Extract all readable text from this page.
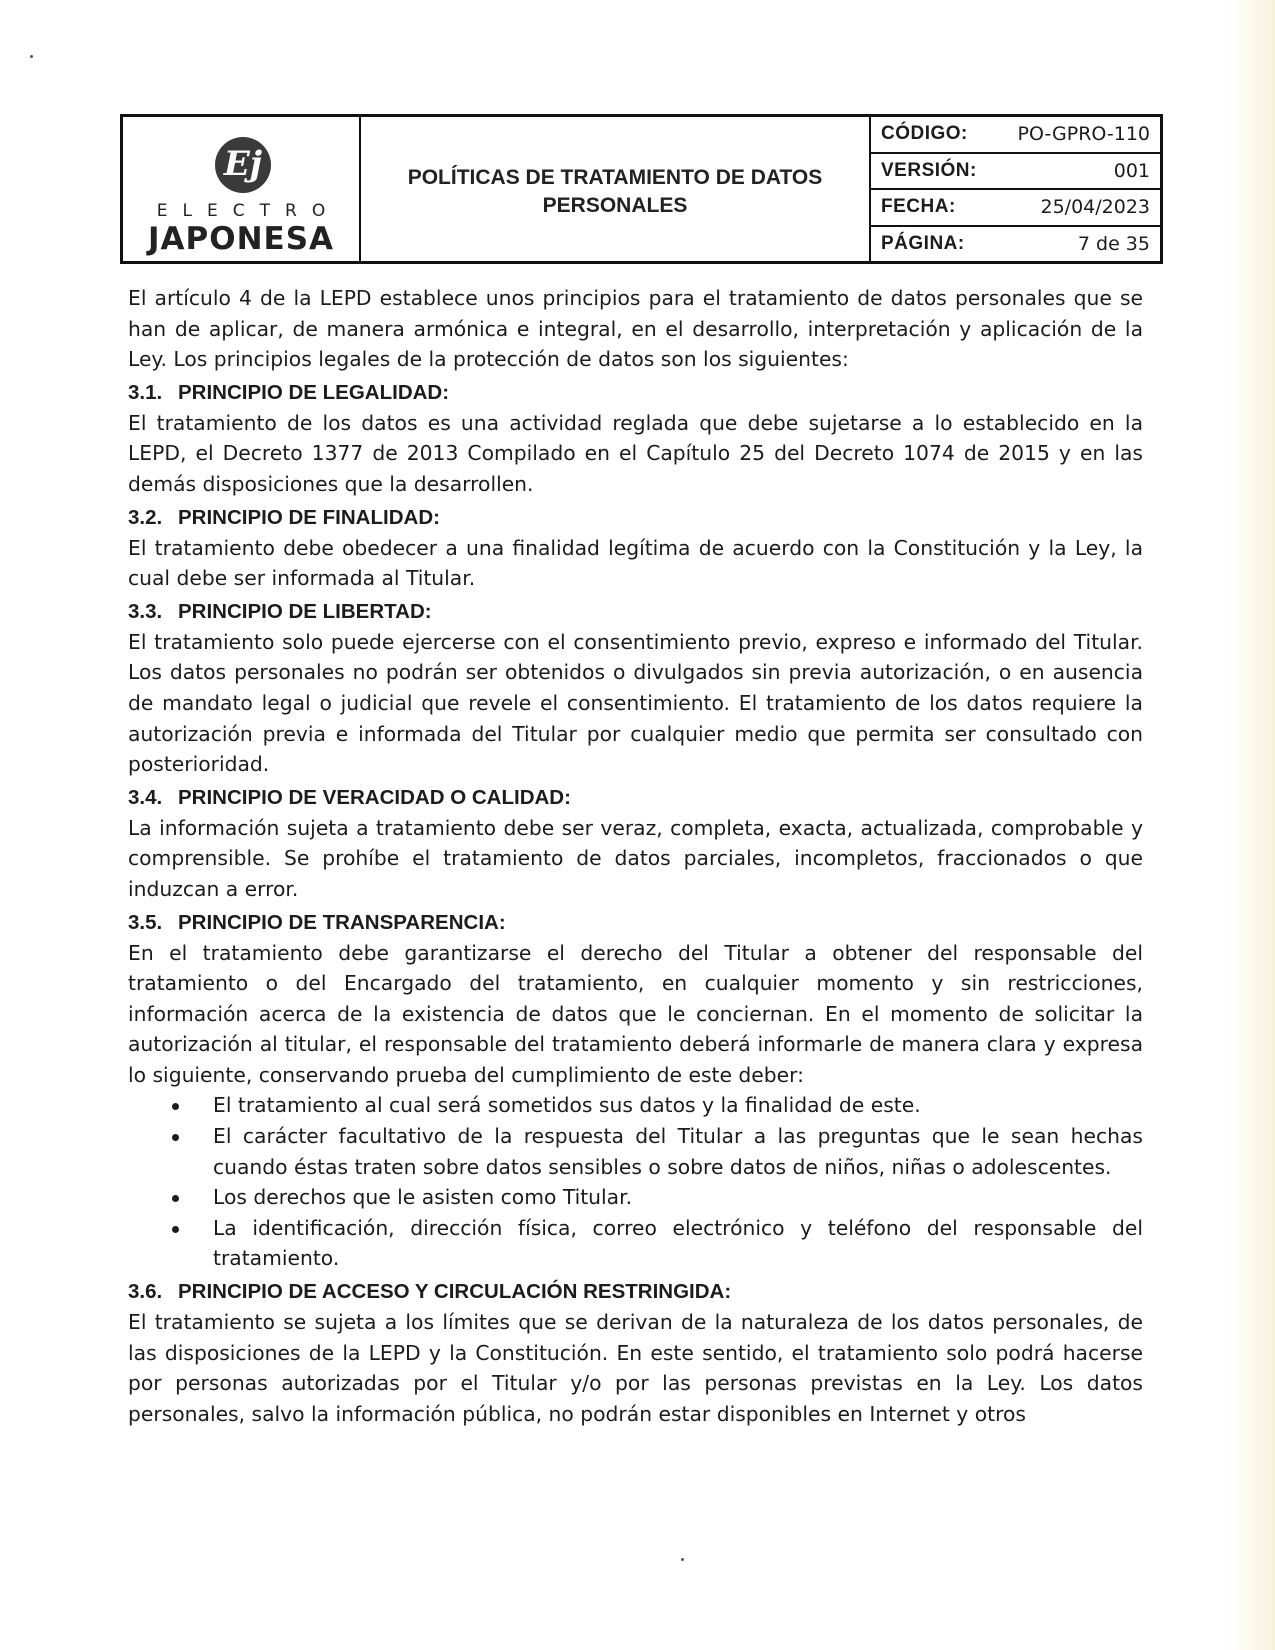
Ej
ELECTRO
JAPONESA
POLÍTICAS DE TRATAMIENTO DE DATOS PERSONALES
CÓDIGO:	PO-GPRO-110
VERSIÓN:	001
FECHA:	25/04/2023
PÁGINA:	7 de 35

El artículo 4 de la LEPD establece unos principios para el tratamiento de datos personales que se han de aplicar, de manera armónica e integral, en el desarrollo, interpretación y aplicación de la Ley. Los principios legales de la protección de datos son los siguientes:

3.1. PRINCIPIO DE LEGALIDAD:

El tratamiento de los datos es una actividad reglada que debe sujetarse a lo establecido en la LEPD, el Decreto 1377 de 2013 Compilado en el Capítulo 25 del Decreto 1074 de 2015 y en las demás disposiciones que la desarrollen.

3.2. PRINCIPIO DE FINALIDAD:

El tratamiento debe obedecer a una finalidad legítima de acuerdo con la Constitución y la Ley, la cual debe ser informada al Titular.

3.3. PRINCIPIO DE LIBERTAD:

El tratamiento solo puede ejercerse con el consentimiento previo, expreso e informado del Titular. Los datos personales no podrán ser obtenidos o divulgados sin previa autorización, o en ausencia de mandato legal o judicial que revele el consentimiento. El tratamiento de los datos requiere la autorización previa e informada del Titular por cualquier medio que permita ser consultado con posterioridad.

3.4. PRINCIPIO DE VERACIDAD O CALIDAD:

La información sujeta a tratamiento debe ser veraz, completa, exacta, actualizada, comprobable y comprensible. Se prohíbe el tratamiento de datos parciales, incompletos, fraccionados o que induzcan a error.

3.5. PRINCIPIO DE TRANSPARENCIA:

En el tratamiento debe garantizarse el derecho del Titular a obtener del responsable del tratamiento o del Encargado del tratamiento, en cualquier momento y sin restricciones, información acerca de la existencia de datos que le conciernan. En el momento de solicitar la autorización al titular, el responsable del tratamiento deberá informarle de manera clara y expresa lo siguiente, conservando prueba del cumplimiento de este deber:

El tratamiento al cual será sometidos sus datos y la finalidad de este.
El carácter facultativo de la respuesta del Titular a las preguntas que le sean hechas cuando éstas traten sobre datos sensibles o sobre datos de niños, niñas o adolescentes.
Los derechos que le asisten como Titular.
La identificación, dirección física, correo electrónico y teléfono del responsable del tratamiento.

3.6. PRINCIPIO DE ACCESO Y CIRCULACIÓN RESTRINGIDA:

El tratamiento se sujeta a los límites que se derivan de la naturaleza de los datos personales, de las disposiciones de la LEPD y la Constitución. En este sentido, el tratamiento solo podrá hacerse por personas autorizadas por el Titular y/o por las personas previstas en la Ley. Los datos personales, salvo la información pública, no podrán estar disponibles en Internet y otros
